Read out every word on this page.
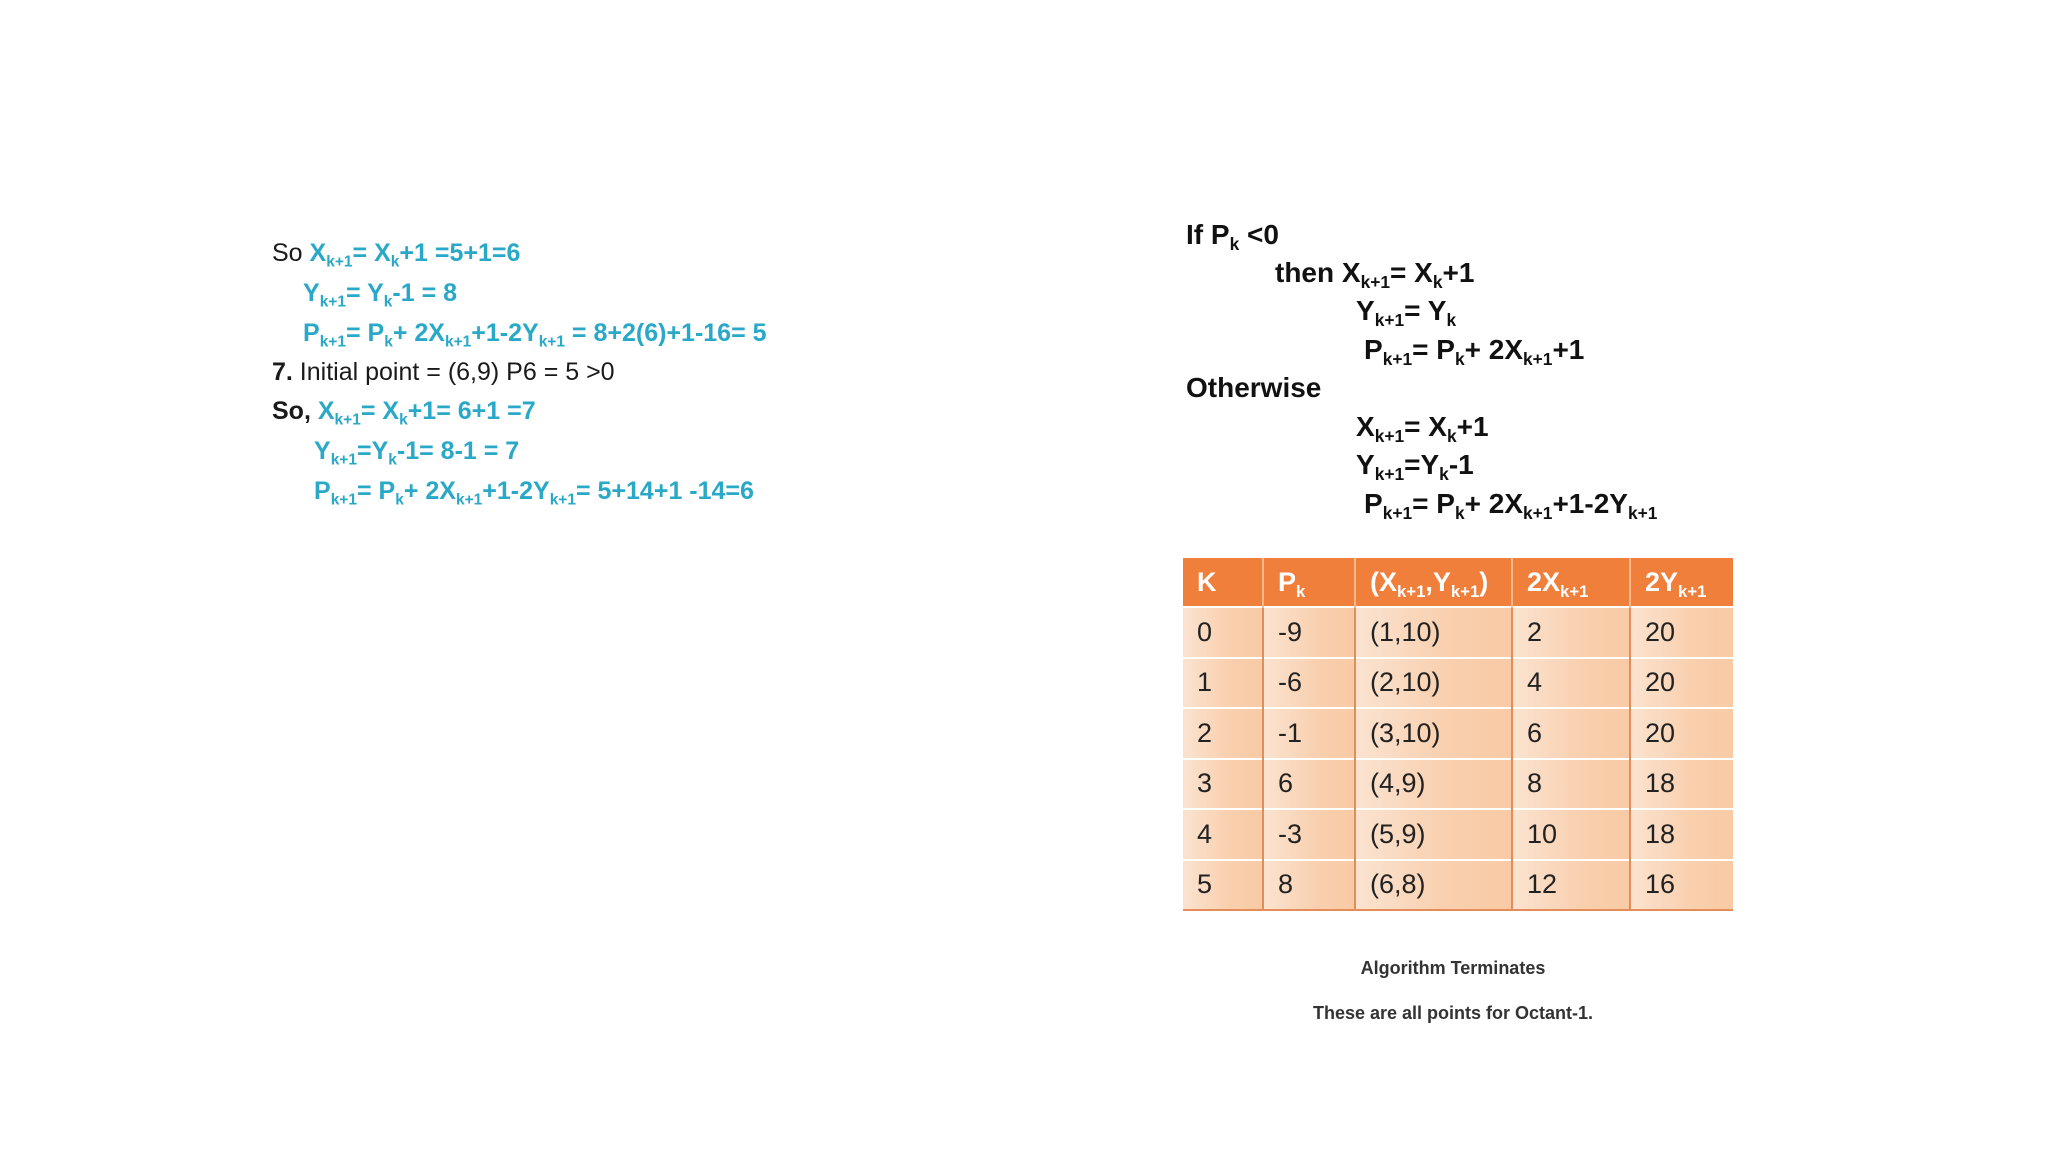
So $X_{k+1}= X_k+1 =5+1=6$
$Y_{k+1}= Y_k-1 = 8$
$P_{k+1}= P_k+ 2X_{k+1}+1-2Y_{k+1} = 8+2(6)+1-16= 5$
7. Initial point = (6,9) P6 = 5 >0
So, $X_{k+1}= X_k+1= 6+1 =7$
$Y_{k+1}=Y_k-1= 8-1 = 7$
$P_{k+1}= P_k+ 2X_{k+1}+1-2Y_{k+1}= 5+14+1$ -14=6
If $P_k <0$
then $X_{k+1}= X_k+1$
$Y_{k+1}= Y_k$
$P_{k+1}= P_k+ 2X_{k+1}+1$
Otherwise
$X_{k+1}= X_k+1$
$Y_{k+1}=Y_k-1$
$P_{k+1}= P_k+ 2X_{k+1}+1-2Y_{k+1}$
K	$P_k$	$(X_{k+1},Y_{k+1})$	$2X_{k+1}$	$2Y_{k+1}$
0	-9	(1,10)	2	20
1	-6	(2,10)	4	20
2	-1	(3,10)	6	20
3	6	(4,9)	8	18
4	-3	(5,9)	10	18
5	8	(6,8)	12	16
Algorithm Terminates
These are all points for Octant-1.
